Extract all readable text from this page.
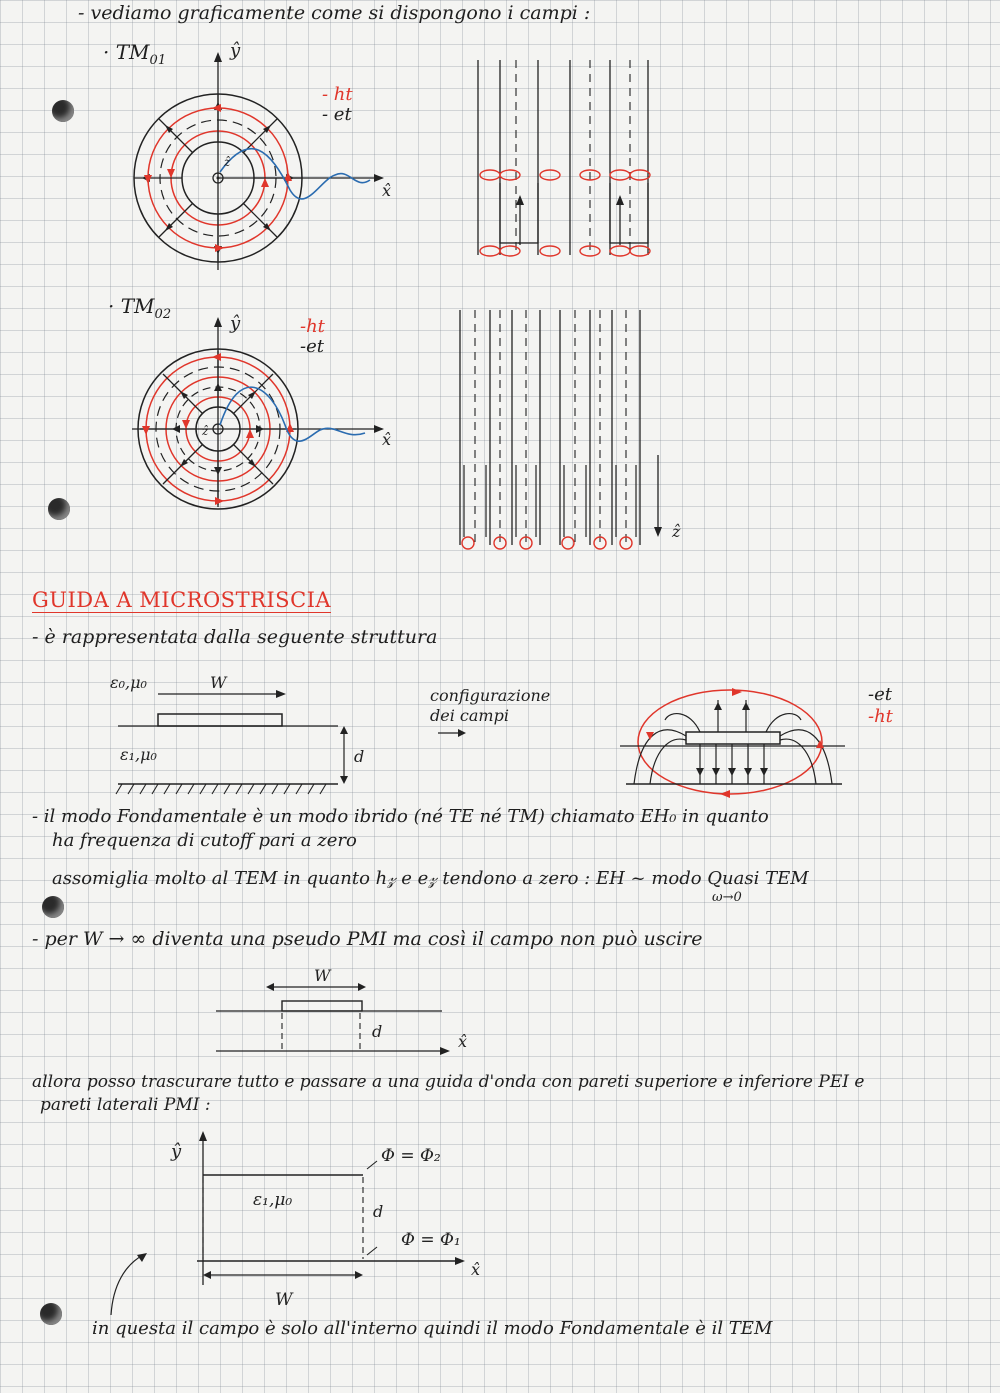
- vediamo graficamente come si dispongono i campi :
· $TM_{01}$	ŷ
x̂
ẑ
- ht
- et
· $TM_{02}$	ŷ
x̂
ẑ
-ht
-et
ẑ
GUIDA A MICROSTRISCIA
- è rappresentata dalla seguente struttura
ε₀,μ₀	W
ε₁,μ₀	d
configurazione
dei campi
-et
-ht
- il modo Fondamentale è un modo ibrido (né TE né TM) chiamato EH₀ in quanto
ha frequenza di cutoff pari a zero
assomiglia molto al TEM in quanto h𝓏 e e𝓏 tendono a zero : EH ~ modo Quasi TEM
ω→0
- per W → ∞ diventa una pseudo PMI ma così il campo non può uscire
W
d
x̂
allora posso trascurare tutto e passare a una guida d'onda con pareti superiore e inferiore PEI e
pareti laterali PMI :
ŷ	Φ = Φ₂
ε₁,μ₀
d
Φ = Φ₁
x̂
W
in questa il campo è solo all'interno quindi il modo Fondamentale è il TEM
